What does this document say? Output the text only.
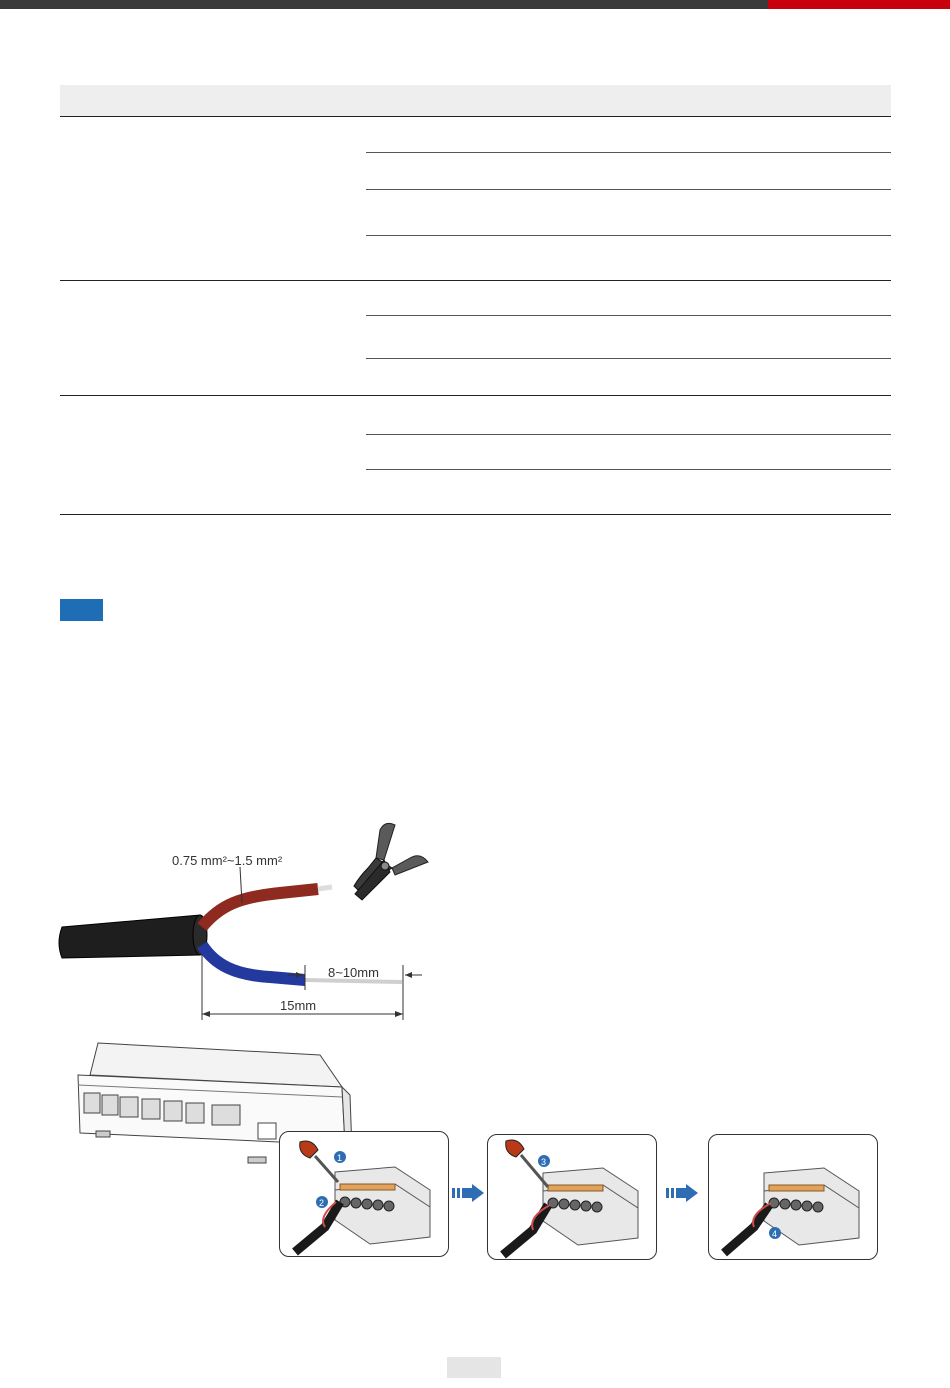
0.75 mm²~1.5 mm²
8~10mm
15mm
1
2
3
4
